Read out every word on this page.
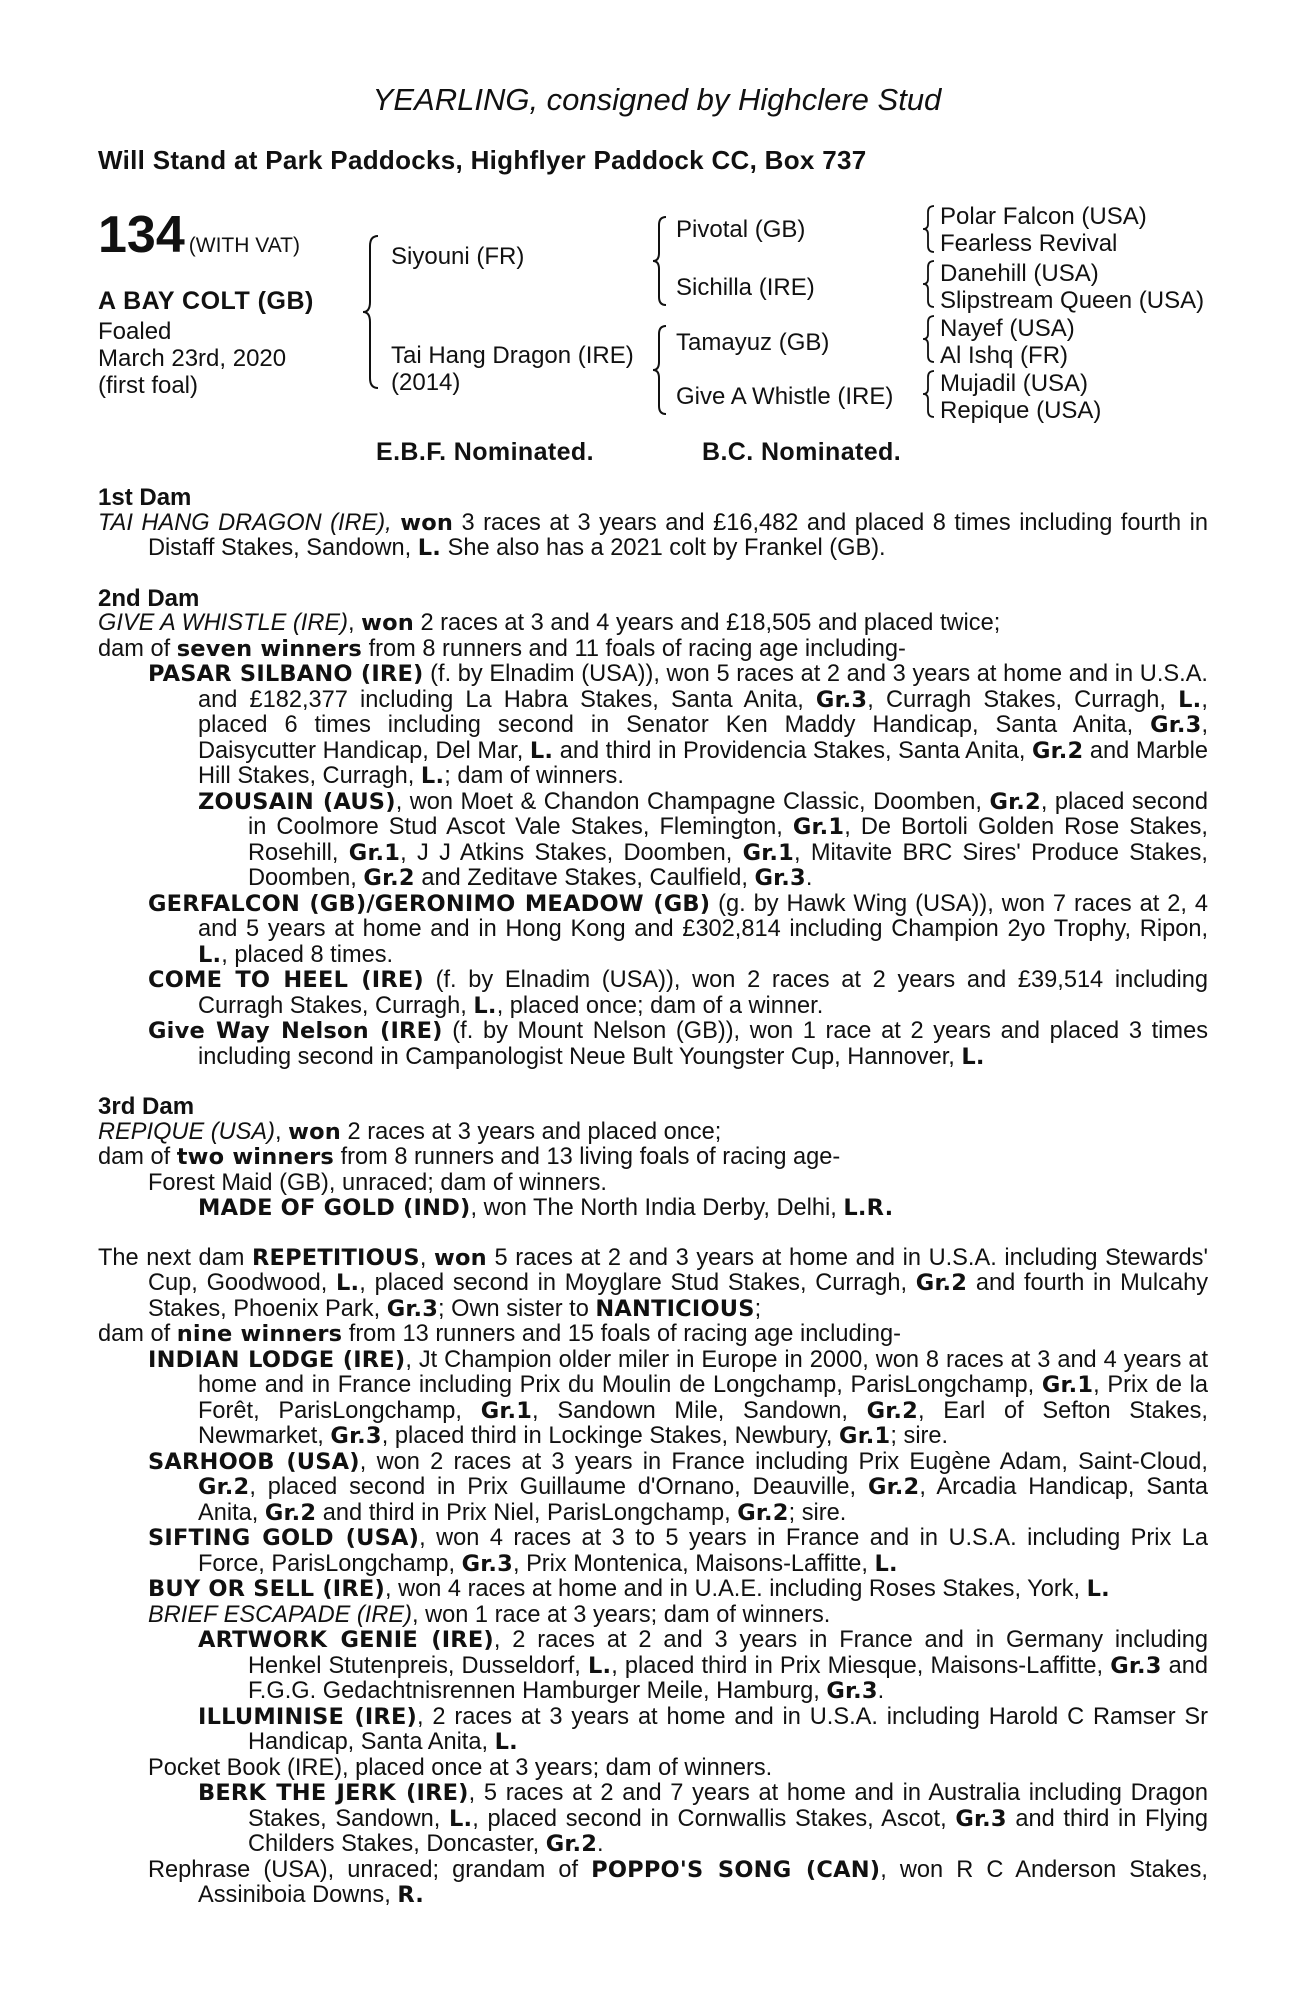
YEARLING, consigned by Highclere Stud
Will Stand at Park Paddocks, Highflyer Paddock CC, Box 737
134 (WITH VAT)
A BAY COLT (GB)
Foaled
March 23rd, 2020
(first foal)
Siyouni (FR)
Tai Hang Dragon (IRE)
(2014)
Pivotal (GB)
Sichilla (IRE)
Tamayuz (GB)
Give A Whistle (IRE)
Polar Falcon (USA)
Fearless Revival
Danehill (USA)
Slipstream Queen (USA)
Nayef (USA)
Al Ishq (FR)
Mujadil (USA)
Repique (USA)
E.B.F. Nominated.	B.C. Nominated.
1st Dam
TAI HANG DRAGON (IRE), won 3 races at 3 years and £16,482 and placed 8 times including fourth in Distaff Stakes, Sandown, L. She also has a 2021 colt by Frankel (GB).
2nd Dam
GIVE A WHISTLE (IRE), won 2 races at 3 and 4 years and £18,505 and placed twice;
dam of seven winners from 8 runners and 11 foals of racing age including-
PASAR SILBANO (IRE) (f. by Elnadim (USA)), won 5 races at 2 and 3 years at home and in U.S.A. and £182,377 including La Habra Stakes, Santa Anita, Gr.3, Curragh Stakes, Curragh, L., placed 6 times including second in Senator Ken Maddy Handicap, Santa Anita, Gr.3, Daisycutter Handicap, Del Mar, L. and third in Providencia Stakes, Santa Anita, Gr.2 and Marble Hill Stakes, Curragh, L.; dam of winners.
ZOUSAIN (AUS), won Moet & Chandon Champagne Classic, Doomben, Gr.2, placed second in Coolmore Stud Ascot Vale Stakes, Flemington, Gr.1, De Bortoli Golden Rose Stakes, Rosehill, Gr.1, J J Atkins Stakes, Doomben, Gr.1, Mitavite BRC Sires' Produce Stakes, Doomben, Gr.2 and Zeditave Stakes, Caulfield, Gr.3.
GERFALCON (GB)/GERONIMO MEADOW (GB) (g. by Hawk Wing (USA)), won 7 races at 2, 4 and 5 years at home and in Hong Kong and £302,814 including Champion 2yo Trophy, Ripon, L., placed 8 times.
COME TO HEEL (IRE) (f. by Elnadim (USA)), won 2 races at 2 years and £39,514 including Curragh Stakes, Curragh, L., placed once; dam of a winner.
Give Way Nelson (IRE) (f. by Mount Nelson (GB)), won 1 race at 2 years and placed 3 times including second in Campanologist Neue Bult Youngster Cup, Hannover, L.
3rd Dam
REPIQUE (USA), won 2 races at 3 years and placed once;
dam of two winners from 8 runners and 13 living foals of racing age-
Forest Maid (GB), unraced; dam of winners.
MADE OF GOLD (IND), won The North India Derby, Delhi, L.R.
The next dam REPETITIOUS, won 5 races at 2 and 3 years at home and in U.S.A. including Stewards' Cup, Goodwood, L., placed second in Moyglare Stud Stakes, Curragh, Gr.2 and fourth in Mulcahy Stakes, Phoenix Park, Gr.3; Own sister to NANTICIOUS;
dam of nine winners from 13 runners and 15 foals of racing age including-
INDIAN LODGE (IRE), Jt Champion older miler in Europe in 2000, won 8 races at 3 and 4 years at home and in France including Prix du Moulin de Longchamp, ParisLongchamp, Gr.1, Prix de la Forêt, ParisLongchamp, Gr.1, Sandown Mile, Sandown, Gr.2, Earl of Sefton Stakes, Newmarket, Gr.3, placed third in Lockinge Stakes, Newbury, Gr.1; sire.
SARHOOB (USA), won 2 races at 3 years in France including Prix Eugène Adam, Saint-Cloud, Gr.2, placed second in Prix Guillaume d'Ornano, Deauville, Gr.2, Arcadia Handicap, Santa Anita, Gr.2 and third in Prix Niel, ParisLongchamp, Gr.2; sire.
SIFTING GOLD (USA), won 4 races at 3 to 5 years in France and in U.S.A. including Prix La Force, ParisLongchamp, Gr.3, Prix Montenica, Maisons-Laffitte, L.
BUY OR SELL (IRE), won 4 races at home and in U.A.E. including Roses Stakes, York, L.
BRIEF ESCAPADE (IRE), won 1 race at 3 years; dam of winners.
ARTWORK GENIE (IRE), 2 races at 2 and 3 years in France and in Germany including Henkel Stutenpreis, Dusseldorf, L., placed third in Prix Miesque, Maisons-Laffitte, Gr.3 and F.G.G. Gedachtnisrennen Hamburger Meile, Hamburg, Gr.3.
ILLUMINISE (IRE), 2 races at 3 years at home and in U.S.A. including Harold C Ramser Sr Handicap, Santa Anita, L.
Pocket Book (IRE), placed once at 3 years; dam of winners.
BERK THE JERK (IRE), 5 races at 2 and 7 years at home and in Australia including Dragon Stakes, Sandown, L., placed second in Cornwallis Stakes, Ascot, Gr.3 and third in Flying Childers Stakes, Doncaster, Gr.2.
Rephrase (USA), unraced; grandam of POPPO'S SONG (CAN), won R C Anderson Stakes, Assiniboia Downs, R.
